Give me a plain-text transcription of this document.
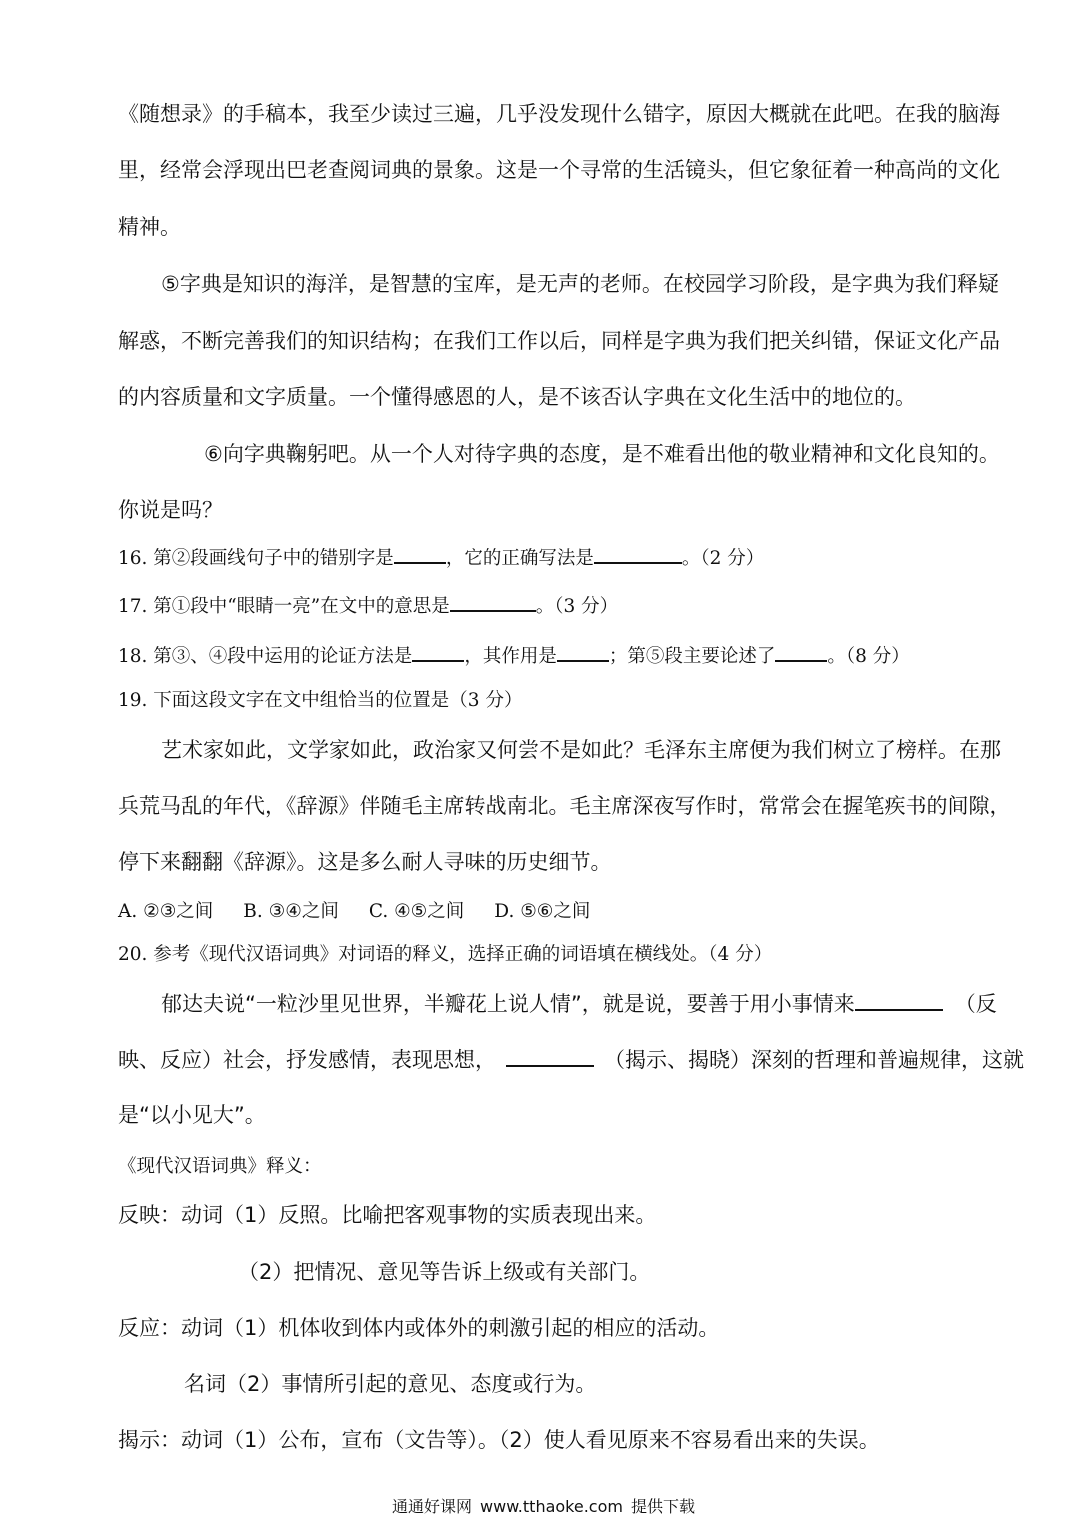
《随想录》的手稿本，我至少读过三遍，几乎没发现什么错字，原因大概就在此吧。在我的脑海
里，经常会浮现出巴老查阅词典的景象。这是一个寻常的生活镜头，但它象征着一种高尚的文化
精神。
⑤字典是知识的海洋，是智慧的宝库，是无声的老师。在校园学习阶段，是字典为我们释疑
解惑，不断完善我们的知识结构；在我们工作以后，同样是字典为我们把关纠错，保证文化产品
的内容质量和文字质量。一个懂得感恩的人，是不该否认字典在文化生活中的地位的。
⑥向字典鞠躬吧。从一个人对待字典的态度，是不难看出他的敬业精神和文化良知的。
你说是吗？
16. 第②段画线句子中的错别字是	，它的正确写法是	。（2 分）
17. 第①段中“眼睛一亮”在文中的意思是	。（3 分）
18. 第③、④段中运用的论证方法是	，其作用是	；第⑤段主要论述了	。（8 分）
19. 下面这段文字在文中组恰当的位置是（3 分）
艺术家如此，文学家如此，政治家又何尝不是如此？毛泽东主席便为我们树立了榜样。在那
兵荒马乱的年代，《辞源》伴随毛主席转战南北。毛主席深夜写作时，常常会在握笔疾书的间隙，
停下来翻翻《辞源》。这是多么耐人寻味的历史细节。
A. ②③之间 B. ③④之间 C. ④⑤之间 D. ⑤⑥之间
20. 参考《现代汉语词典》对词语的释义，选择正确的词语填在横线处。（4 分）
郁达夫说“一粒沙里见世界，半瓣花上说人情”，就是说，要善于用小事情来	（反
映、反应）社会，抒发感情，表现思想，	（揭示、揭晓）深刻的哲理和普遍规律，这就
是“以小见大”。
《现代汉语词典》释义：
反映：动词（1）反照。比喻把客观事物的实质表现出来。
（2）把情况、意见等告诉上级或有关部门。
反应：动词（1）机体收到体内或体外的刺激引起的相应的活动。
名词（2）事情所引起的意见、态度或行为。
揭示：动词（1）公布，宣布（文告等）。（2）使人看见原来不容易看出来的失误。
通通好课网 www.tthaoke.com 提供下载
